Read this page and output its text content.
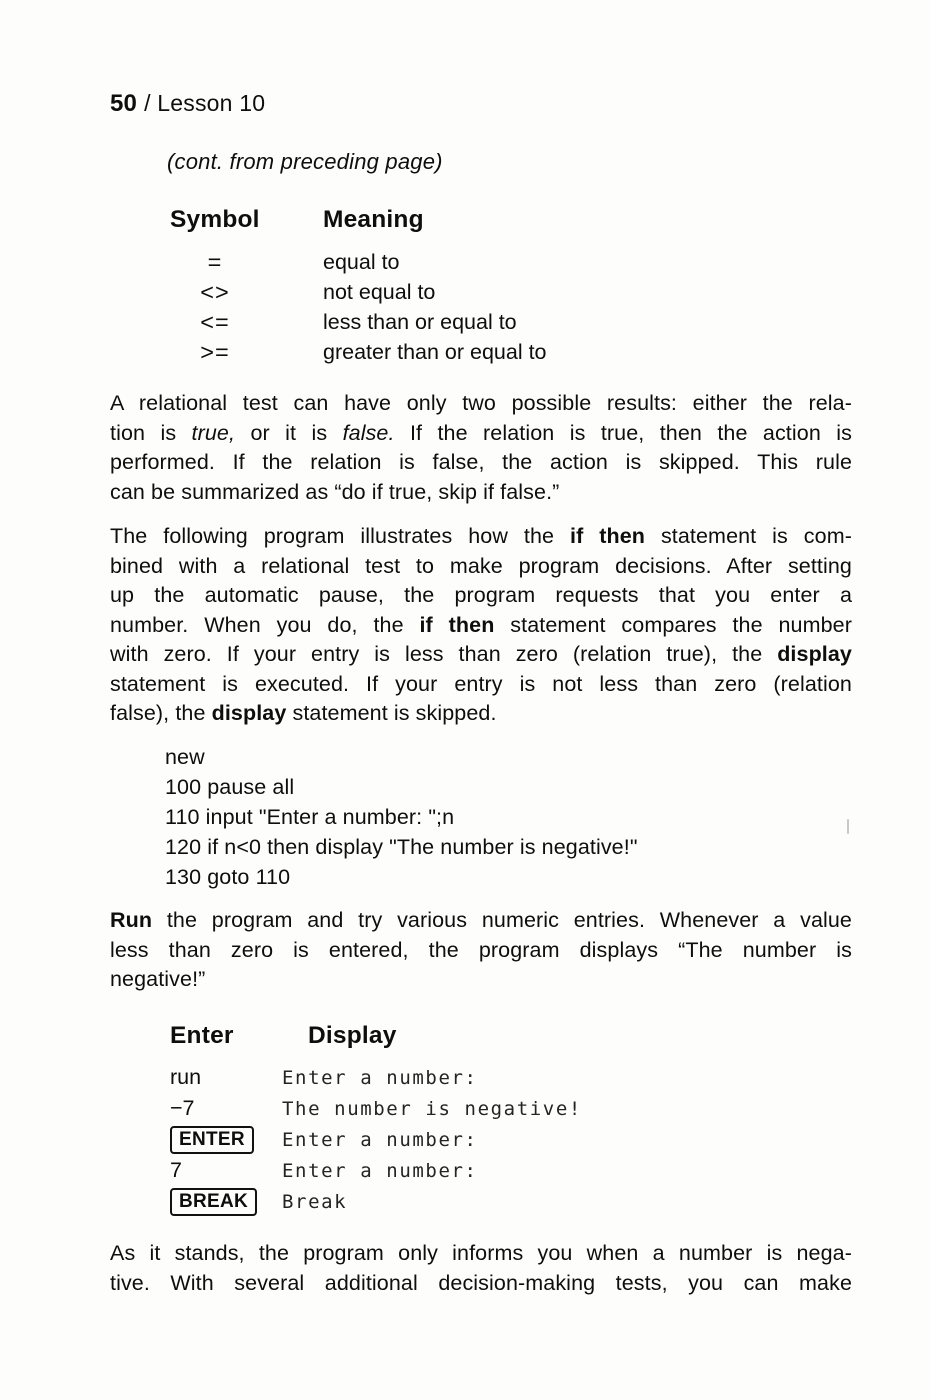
50 / Lesson 10
(cont. from preceding page)
Symbol	Meaning
=	equal to
<>	not equal to
<=	less than or equal to
>=	greater than or equal to
A relational test can have only two possible results: either the rela-
tion is true, or it is false. If the relation is true, then the action is
performed. If the relation is false, the action is skipped. This rule
can be summarized as “do if true, skip if false.”
The following program illustrates how the if then statement is com-
bined with a relational test to make program decisions. After setting
up the automatic pause, the program requests that you enter a
number. When you do, the if then statement compares the number
with zero. If your entry is less than zero (relation true), the display
statement is executed. If your entry is not less than zero (relation
false), the display statement is skipped.
new
100 pause all
110 input "Enter a number: ";n
120 if n<0 then display "The number is negative!"
130 goto 110
Run the program and try various numeric entries. Whenever a value
less than zero is entered, the program displays “The number is
negative!”
Enter	Display
run	Enter a number:
−7	The number is negative!
ENTER	Enter a number:
7	Enter a number:
BREAK	Break
As it stands, the program only informs you when a number is nega-
tive. With several additional decision-making tests, you can make
